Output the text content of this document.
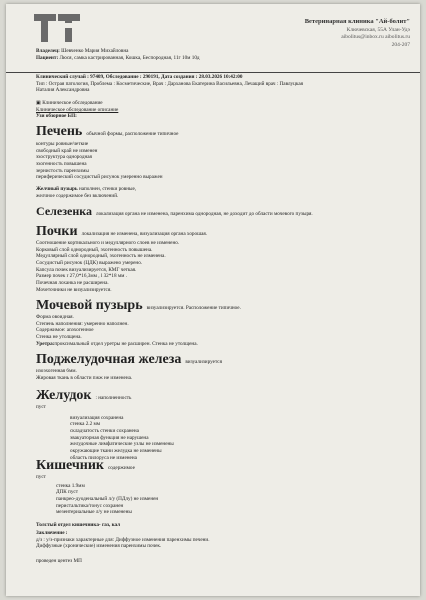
Ветеринарная клиника "Ай-болит"
Ключевская, 55А Улан-Удэ
aibolitus@inbox.ru aibolitus.ru
204-207
Владелец: Шевченко Мария Михайловна
Пациент: Люся, самка кастрированная, Кошка, Беспородная, 11г 10м 10д
Клинический случай : 97409, Обследование : 290191, Дата создания : 28.03.2026 10:42:00
Тип : Острая патология, Проблема : Косметические, Врач : Дарханова Екатерина Васильевна, Лечащий врач : Павлуцкая
Наталия Александровна
▣ Клиническое обследование
Клиническое обследование описание
Узи обзорное БП:
Печень обычной формы, расположение типичное
контуры ровные/четкие
свободный край не изменен
эхоструктура однородная
эхогенность повышена
зернистость паренхимы
периферический сосудистый рисунок умеренно выражен
Желчный пузырь наполнен, стенки ровные,
желчное содержимое без включений.
Селезенка локализация органа не изменена, паренхима однородная, не доходит до области мочевого пузыря.
Почки локализация не изменена, визуализация органа хорошая.
Соотношение кортикального и медуллярного слоев не изменено.
Корковый слой однородный, эхогенность повышена.
Медуллярный слой однородный, эхогенность не изменена.
Сосудистый рисунок (ЦДК) выражено умерено.
Капсула почек визуализируется, КМГ четкая.
Размер почек r 27,0*16,3мм , l 32*18 мм .
Почечная лоханка не расширена.
Мочеточники не визуализируется.
Мочевой пузырь визуализируется. Расположение типичное.
Форма овоидная.
Степень наполнения: умеренно наполнен.
Содержимое: anэхогенное
Стенка не утолщена.
Уретра:проксимальный отдел уретры не расширен. Стенка не утолщена.
Поджелудочная железа визуализируется
изоэхогенная 6мм.
Жировая ткань в области пжж не изменена.
Желудок : наполненность
пуст
визуализация сохранена
стенка 2.2 мм
складчатость стенки сохранена
эвакуаторная функция не нарушена
желудочные лимфатические узлы не изменены
окружающие ткани желудка не изменены
область пилоруса не изменена
Кишечник содержимое
пуст
стенка 1.9мм
ДПК пуст
панкрео-дуоденальный л/у (ПДлу) не изменен
перистальтика/тонус сохранен
мезентериальные л/у не изменены
Толстый отдел кишечника- газ, кал
Заключение :
д/з : у/з-признаки характерные для: Диффузное изменения паренхимы печени.
Диффузные (хронические) изменения паренхимы почек.
проведен центез МП
